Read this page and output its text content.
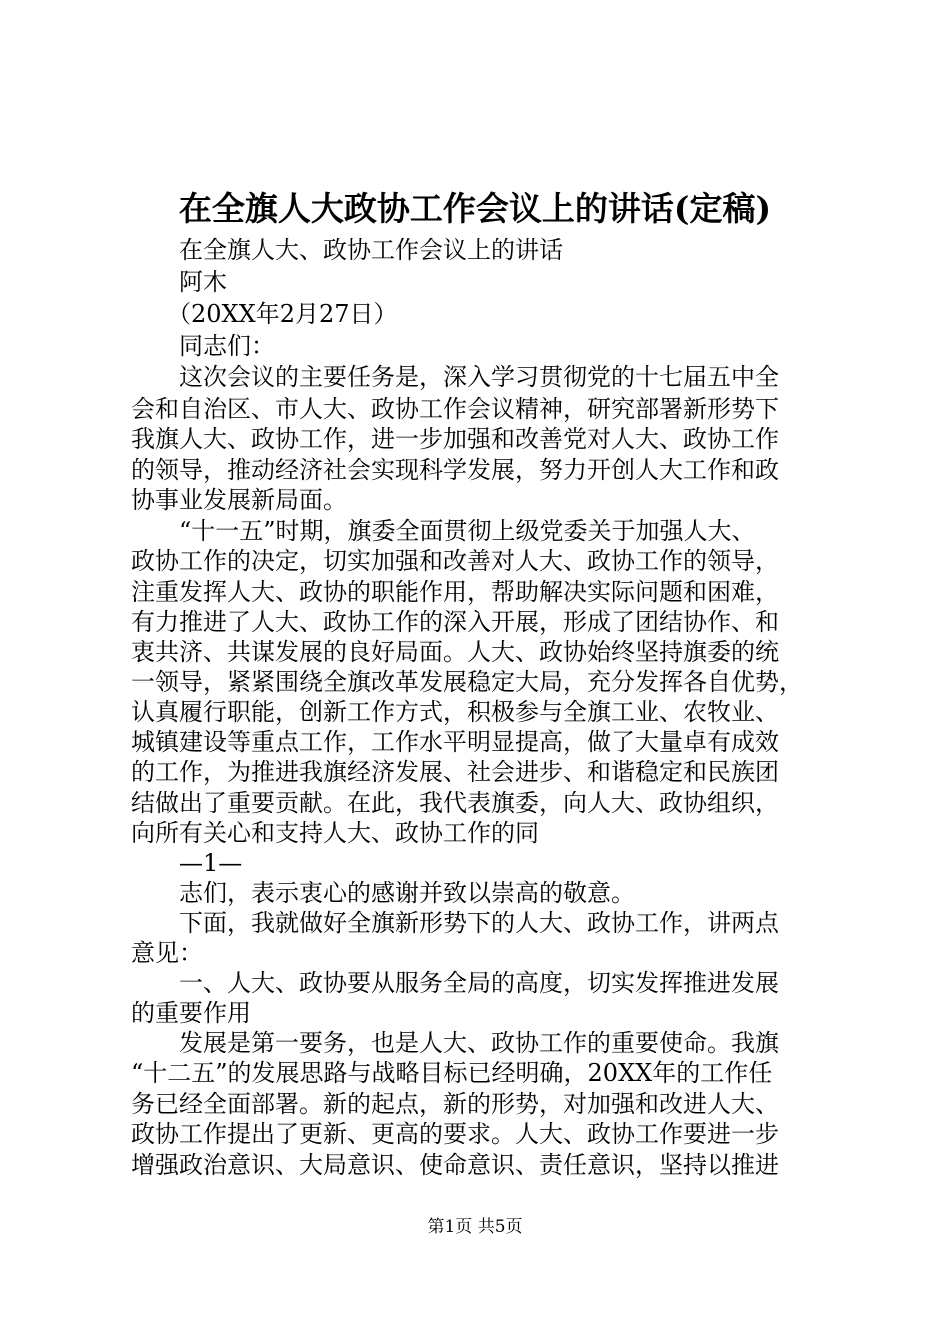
在全旗人大政协工作会议上的讲话(定稿)
　　在全旗人大、政协工作会议上的讲话
　　阿木
　　（20XX年2月27日）
　　同志们：
　　这次会议的主要任务是，深入学习贯彻党的十七届五中全
会和自治区、市人大、政协工作会议精神，研究部署新形势下
我旗人大、政协工作，进一步加强和改善党对人大、政协工作
的领导，推动经济社会实现科学发展，努力开创人大工作和政
协事业发展新局面。
　　“十一五”时期，旗委全面贯彻上级党委关于加强人大、
政协工作的决定，切实加强和改善对人大、政协工作的领导，
注重发挥人大、政协的职能作用，帮助解决实际问题和困难，
有力推进了人大、政协工作的深入开展，形成了团结协作、和
衷共济、共谋发展的良好局面。人大、政协始终坚持旗委的统
一领导，紧紧围绕全旗改革发展稳定大局，充分发挥各自优势，
认真履行职能，创新工作方式，积极参与全旗工业、农牧业、
城镇建设等重点工作，工作水平明显提高，做了大量卓有成效
的工作，为推进我旗经济发展、社会进步、和谐稳定和民族团
结做出了重要贡献。在此，我代表旗委，向人大、政协组织，
向所有关心和支持人大、政协工作的同
　　—1—
　　志们，表示衷心的感谢并致以崇高的敬意。
　　下面，我就做好全旗新形势下的人大、政协工作，讲两点
意见：
　　一、人大、政协要从服务全局的高度，切实发挥推进发展
的重要作用
　　发展是第一要务，也是人大、政协工作的重要使命。我旗
“十二五”的发展思路与战略目标已经明确，20XX年的工作任
务已经全面部署。新的起点，新的形势，对加强和改进人大、
政协工作提出了更新、更高的要求。人大、政协工作要进一步
增强政治意识、大局意识、使命意识、责任意识，坚持以推进
第1页 共5页
